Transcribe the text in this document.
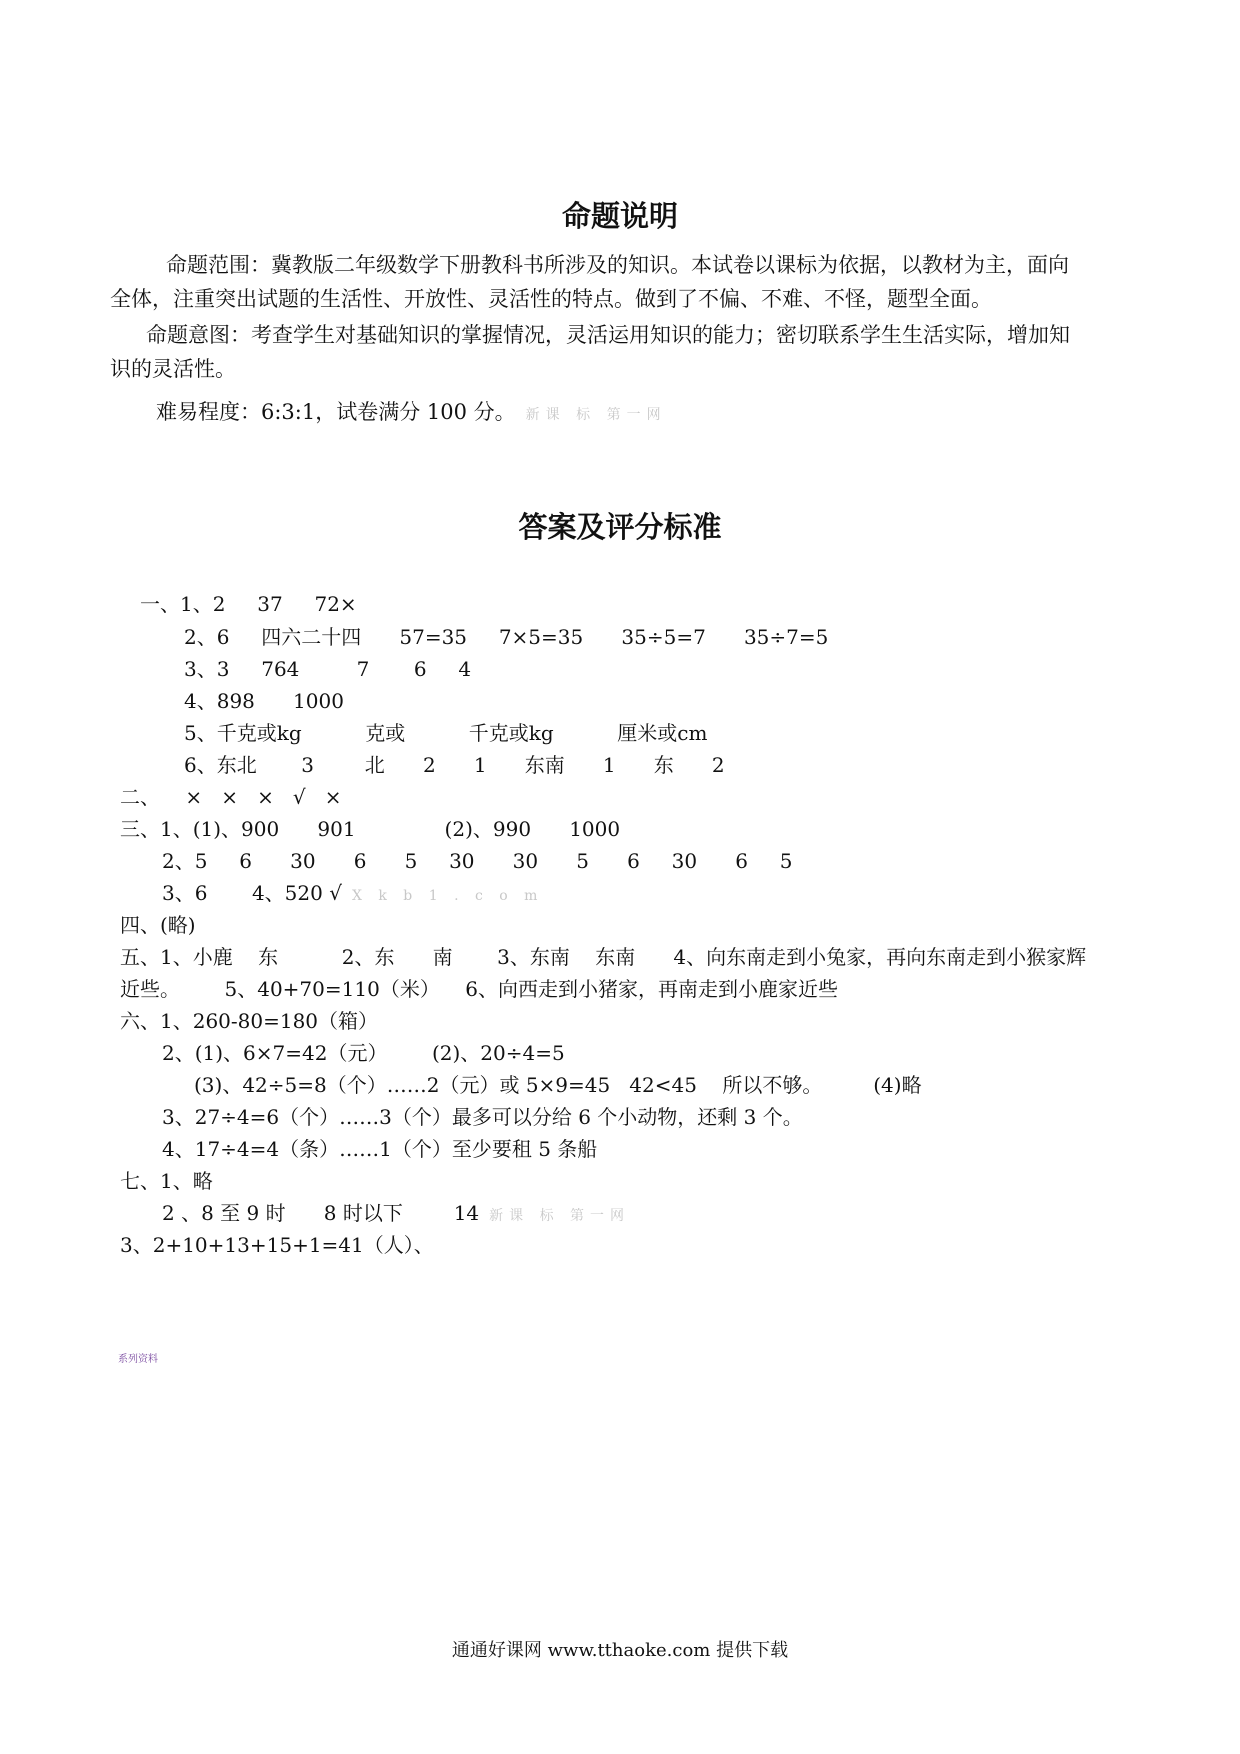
命题说明
命题范围：冀教版二年级数学下册教科书所涉及的知识。本试卷以课标为依据，以教材为主，面向
全体，注重突出试题的生活性、开放性、灵活性的特点。做到了不偏、不难、不怪，题型全面。
命题意图：考查学生对基础知识的掌握情况，灵活运用知识的能力；密切联系学生生活实际，增加知
识的灵活性。
难易程度：6:3:1，试卷满分 100 分。 新课 标 第一网
答案及评分标准
一、1、2     37     72×
2、6     四六二十四      57=35     7×5=35      35÷5=7      35÷7=5
3、3     764         7       6     4
4、898      1000
5、千克或kg          克或          千克或kg          厘米或cm
6、东北       3        北      2      1      东南      1      东      2
二、    ×   ×   ×   √   ×
三、1、(1)、900      901              (2)、990      1000
2、5     6      30      6      5     30      30      5      6     30      6     5
3、6       4、520 √ X k b 1 . c o m
四、(略)
五、1、小鹿    东          2、东      南       3、东南    东南      4、向东南走到小兔家，再向东南走到小猴家辉
近些。       5、40+70=110（米）    6、向西走到小猪家，再南走到小鹿家近些
六、1、260-80=180（箱）
2、(1)、6×7=42（元）       (2)、20÷4=5
(3)、42÷5=8（个）……2（元）或 5×9=45   42<45    所以不够。        (4)略
3、27÷4=6（个）……3（个）最多可以分给 6 个小动物，还剩 3 个。
4、17÷4=4（条）……1（个）至少要租 5 条船
七、1、略
2 、8 至 9 时      8 时以下        14 新课 标 第一网
3、2+10+13+15+1=41（人）、
系列资料
通通好课网 www.tthaoke.com 提供下载
